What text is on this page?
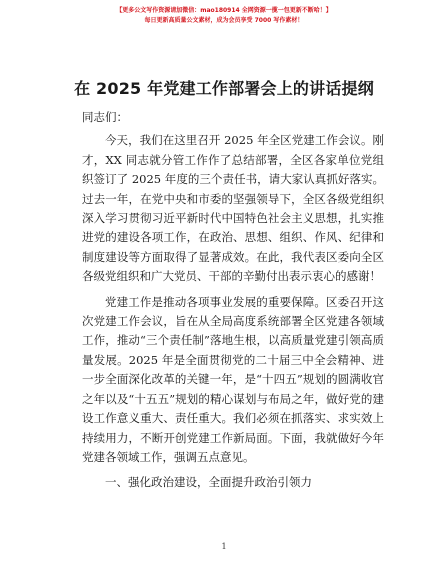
【更多公文写作资源请加微信：mao180914 全网资源一揽一包更新不断哈！】
每日更新高质量公文素材，成为会员享受 7000 写作素材！
在 2025 年党建工作部署会上的讲话提纲

同志们：

今天，我们在这里召开 2025 年全区党建工作会议。刚才，XX 同志就分管工作作了总结部署，全区各家单位党组织签订了 2025 年度的三个责任书，请大家认真抓好落实。过去一年，在党中央和市委的坚强领导下，全区各级党组织深入学习贯彻习近平新时代中国特色社会主义思想，扎实推进党的建设各项工作，在政治、思想、组织、作风、纪律和制度建设等方面取得了显著成效。在此，我代表区委向全区各级党组织和广大党员、干部的辛勤付出表示衷心的感谢！

党建工作是推动各项事业发展的重要保障。区委召开这次党建工作会议，旨在从全局高度系统部署全区党建各领域工作，推动“三个责任制”落地生根，以高质量党建引领高质量发展。2025 年是全面贯彻党的二十届三中全会精神、进一步全面深化改革的关键一年，是“十四五”规划的圆满收官之年以及“十五五”规划的精心谋划与布局之年，做好党的建设工作意义重大、责任重大。我们必须在抓落实、求实效上持续用力，不断开创党建工作新局面。下面，我就做好今年党建各领域工作，强调五点意见。

一、强化政治建设，全面提升政治引领力

1
